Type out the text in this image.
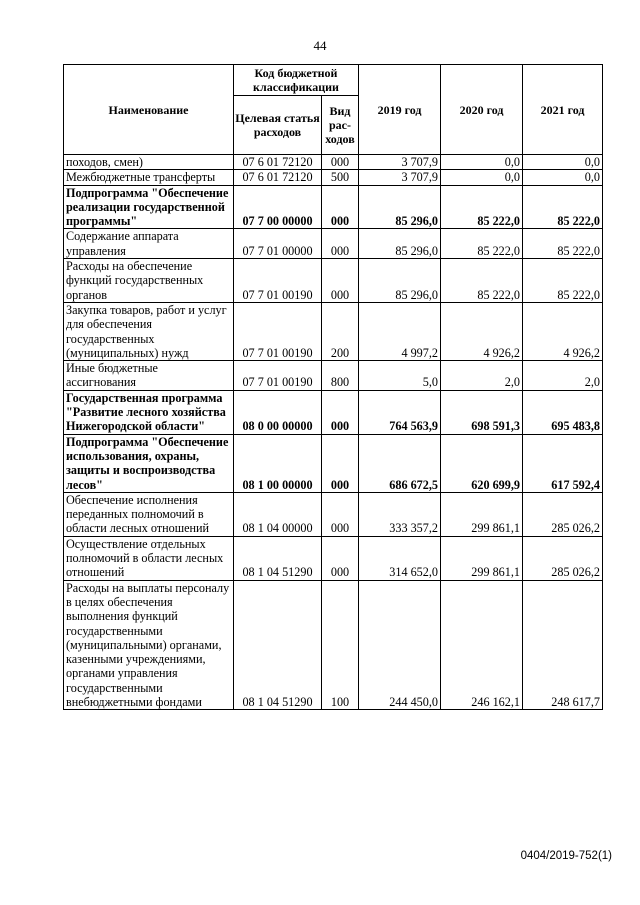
44
Наименование	Код бюджетной классификации		2019 год	2020 год	2021 год
	Целевая статья расходов	Вид рас-ходов			
походов, смен)	07 6 01 72120	000	3 707,9	0,0	0,0
Межбюджетные трансферты	07 6 01 72120	500	3 707,9	0,0	0,0
Подпрограмма "Обеспечение реализации государственной программы"	07 7 00 00000	000	85 296,0	85 222,0	85 222,0
Содержание аппарата управления	07 7 01 00000	000	85 296,0	85 222,0	85 222,0
Расходы на обеспечение функций государственных органов	07 7 01 00190	000	85 296,0	85 222,0	85 222,0
Закупка товаров, работ и услуг для обеспечения государственных (муниципальных) нужд	07 7 01 00190	200	4 997,2	4 926,2	4 926,2
Иные бюджетные ассигнования	07 7 01 00190	800	5,0	2,0	2,0
Государственная программа "Развитие лесного хозяйства Нижегородской области"	08 0 00 00000	000	764 563,9	698 591,3	695 483,8
Подпрограмма "Обеспечение использования, охраны, защиты и воспроизводства лесов"	08 1 00 00000	000	686 672,5	620 699,9	617 592,4
Обеспечение исполнения переданных полномочий в области лесных отношений	08 1 04 00000	000	333 357,2	299 861,1	285 026,2
Осуществление отдельных полномочий в области лесных отношений	08 1 04 51290	000	314 652,0	299 861,1	285 026,2
Расходы на выплаты персоналу в целях обеспечения выполнения функций государственными (муниципальными) органами, казенными учреждениями, органами управления государственными внебюджетными фондами	08 1 04 51290	100	244 450,0	246 162,1	248 617,7
0404/2019-752(1)
